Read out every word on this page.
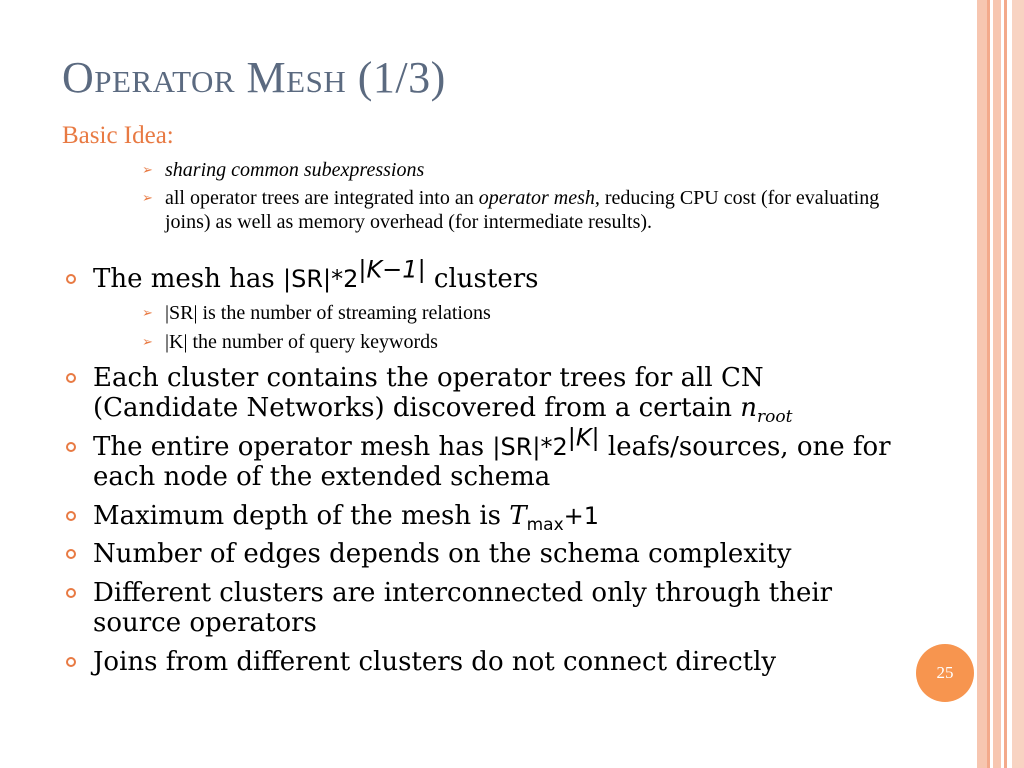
Operator Mesh (1/3)
Basic Idea:
➢ sharing common subexpressions
➢ all operator trees are integrated into an operator mesh, reducing CPU cost (for evaluating joins) as well as memory overhead (for intermediate results).
The mesh has $|SR|*2^{|K-1|}$ clusters
➢ |SR| is the number of streaming relations
➢ |K| the number of query keywords
Each cluster contains the operator trees for all CN (Candidate Networks) discovered from a certain $n_{root}$
The entire operator mesh has $|SR|*2^{|K|}$ leafs/sources, one for each node of the extended schema
Maximum depth of the mesh is $T_{max}+1$
Number of edges depends on the schema complexity
Different clusters are interconnected only through their source operators
Joins from different clusters do not connect directly	25
